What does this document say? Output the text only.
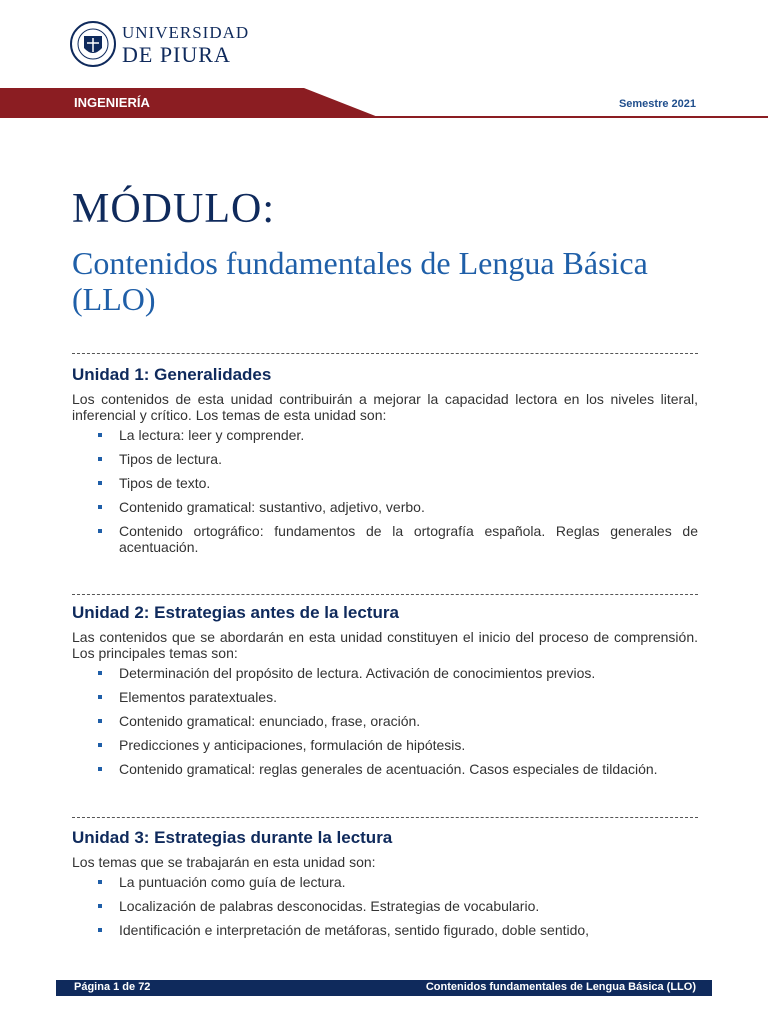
UNIVERSIDAD
DE PIURA
INGENIERÍA	Semestre 2021
MÓDULO:
Contenidos fundamentales de Lengua Básica (LLO)
Unidad 1: Generalidades

Los contenidos de esta unidad contribuirán a mejorar la capacidad lectora en los niveles literal, inferencial y crítico. Los temas de esta unidad son:

La lectura: leer y comprender.
Tipos de lectura.
Tipos de texto.
Contenido gramatical: sustantivo, adjetivo, verbo.
Contenido ortográfico: fundamentos de la ortografía española. Reglas generales de acentuación.
Unidad 2: Estrategias antes de la lectura

Las contenidos que se abordarán en esta unidad constituyen el inicio del proceso de comprensión. Los principales temas son:

Determinación del propósito de lectura. Activación de conocimientos previos.
Elementos paratextuales.
Contenido gramatical: enunciado, frase, oración.
Predicciones y anticipaciones, formulación de hipótesis.
Contenido gramatical: reglas generales de acentuación. Casos especiales de tildación.
Unidad 3: Estrategias durante la lectura

Los temas que se trabajarán en esta unidad son:

La puntuación como guía de lectura.
Localización de palabras desconocidas. Estrategias de vocabulario.
Identificación e interpretación de metáforas, sentido figurado, doble sentido,
Página 1 de 72	Contenidos fundamentales de Lengua Básica (LLO)
